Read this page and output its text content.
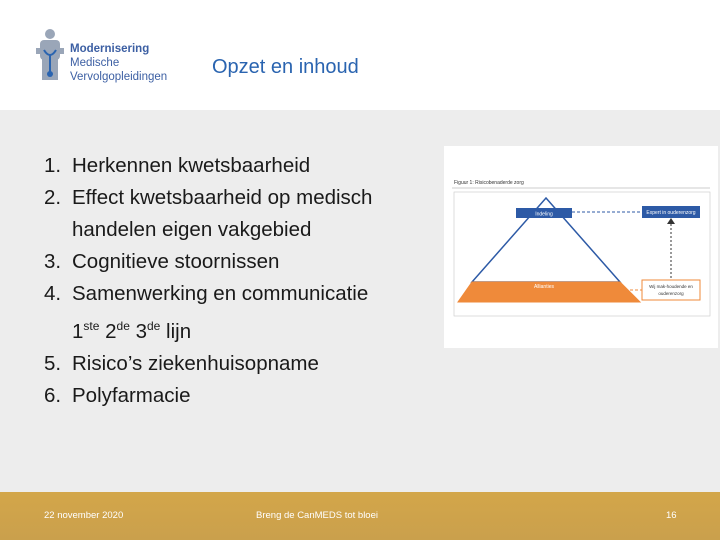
Modernisering
Medische
Vervolgopleidingen Opzet en inhoud
1. Herkennen kwetsbaarheid
2. Effect kwetsbaarheid op medisch handelen eigen vakgebied
3. Cognitieve stoornissen
4. Samenwerking en communicatie
1ste 2de 3de lijn
5. Risico’s ziekenhuisopname
6. Polyfarmacie
Figuur 1: Risicobenaderde zorg
Indeling
Allianties
Expert in ouderenzorg
Wij mak-houdende en
ouderenzorg
22 november 2020	Breng de CanMEDS tot bloei	16
